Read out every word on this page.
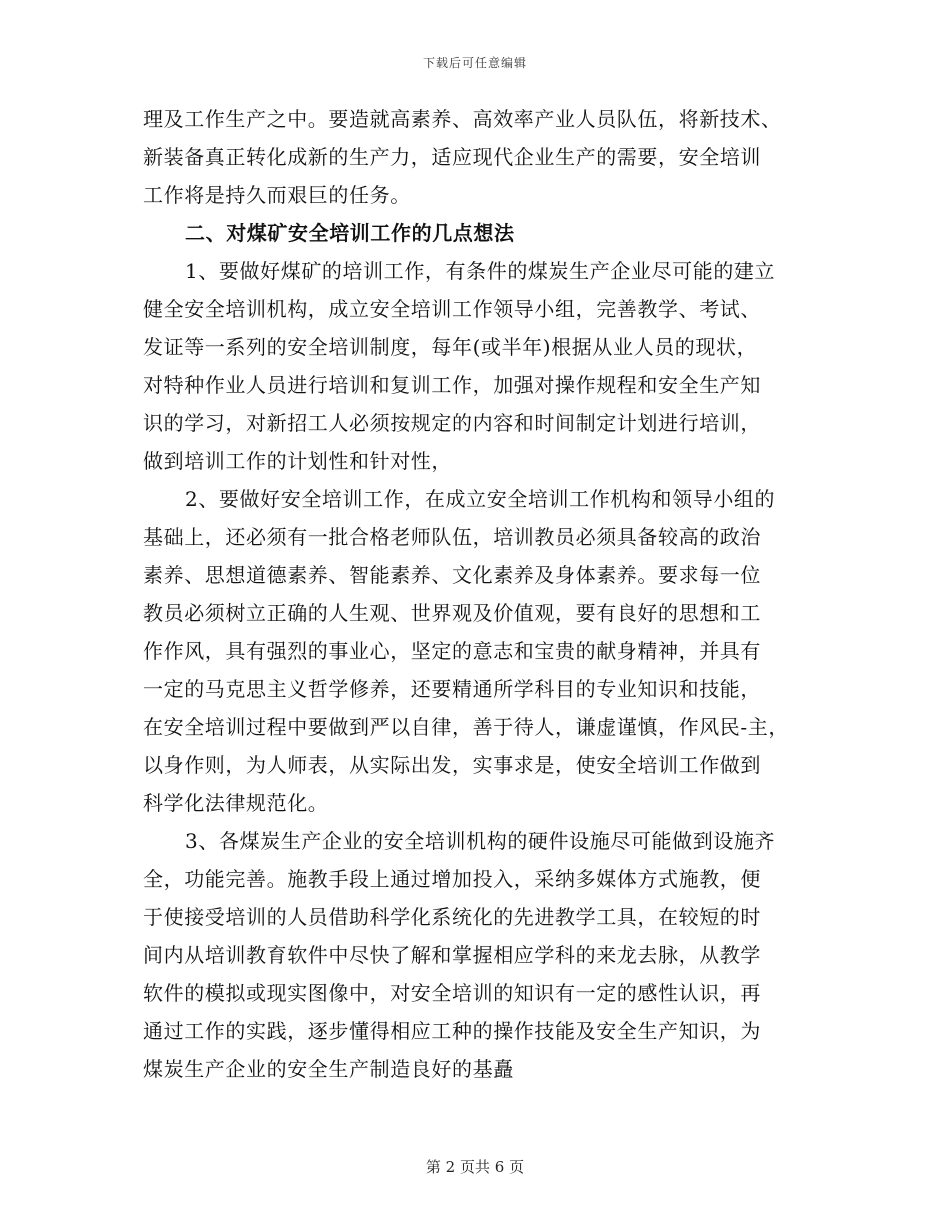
下载后可任意编辑
理及工作生产之中。要造就高素养、高效率产业人员队伍，将新技术、
新装备真正转化成新的生产力，适应现代企业生产的需要，安全培训
工作将是持久而艰巨的任务。
二、对煤矿安全培训工作的几点想法
1、要做好煤矿的培训工作，有条件的煤炭生产企业尽可能的建立
健全安全培训机构，成立安全培训工作领导小组，完善教学、考试、
发证等一系列的安全培训制度，每年(或半年)根据从业人员的现状，
对特种作业人员进行培训和复训工作，加强对操作规程和安全生产知
识的学习，对新招工人必须按规定的内容和时间制定计划进行培训，
做到培训工作的计划性和针对性，
2、要做好安全培训工作，在成立安全培训工作机构和领导小组的
基础上，还必须有一批合格老师队伍，培训教员必须具备较高的政治
素养、思想道德素养、智能素养、文化素养及身体素养。要求每一位
教员必须树立正确的人生观、世界观及价值观，要有良好的思想和工
作作风，具有强烈的事业心，坚定的意志和宝贵的献身精神，并具有
一定的马克思主义哲学修养，还要精通所学科目的专业知识和技能，
在安全培训过程中要做到严以自律，善于待人，谦虚谨慎，作风民-主，
以身作则，为人师表，从实际出发，实事求是，使安全培训工作做到
科学化法律规范化。
3、各煤炭生产企业的安全培训机构的硬件设施尽可能做到设施齐
全，功能完善。施教手段上通过增加投入，采纳多媒体方式施教，便
于使接受培训的人员借助科学化系统化的先进教学工具，在较短的时
间内从培训教育软件中尽快了解和掌握相应学科的来龙去脉，从教学
软件的模拟或现实图像中，对安全培训的知识有一定的感性认识，再
通过工作的实践，逐步懂得相应工种的操作技能及安全生产知识，为
煤炭生产企业的安全生产制造良好的基矗
第 2 页共 6 页
